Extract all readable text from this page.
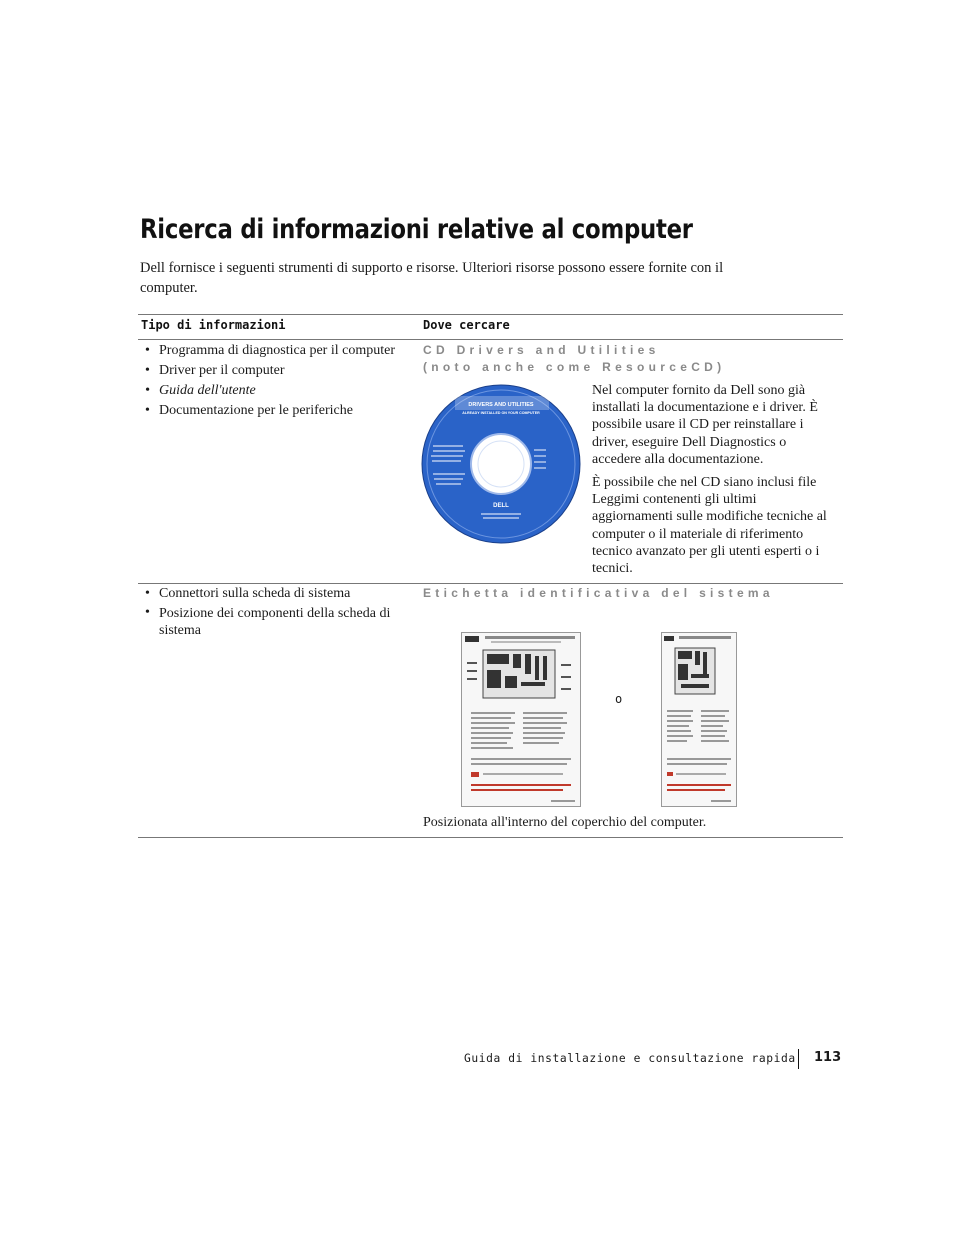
Ricerca di informazioni relative al computer

Dell fornisce i seguenti strumenti di supporto e risorse. Ulteriori risorse possono essere fornite con il computer.

Tipo di informazioni	Dove cercare
• Programma di diagnostica per il computer
• Driver per il computer
• Guida dell'utente
• Documentazione per le periferiche
CD Drivers and Utilities
(noto anche come ResourceCD)
DRIVERS AND UTILITIES
ALREADY INSTALLED ON YOUR COMPUTER
DELL

Nel computer fornito da Dell sono già installati la documentazione e i driver. È possibile usare il CD per reinstallare i driver, eseguire Dell Diagnostics o accedere alla documentazione.

È possibile che nel CD siano inclusi file Leggimi contenenti gli ultimi aggiornamenti sulle modifiche tecniche al computer o il materiale di riferimento tecnico avanzato per gli utenti esperti o i tecnici.

• Connettori sulla scheda di sistema
• Posizione dei componenti della scheda di sistema
Etichetta identificativa del sistema
o

Posizionata all'interno del coperchio del computer.

Guida di installazione e consultazione rapida 113
